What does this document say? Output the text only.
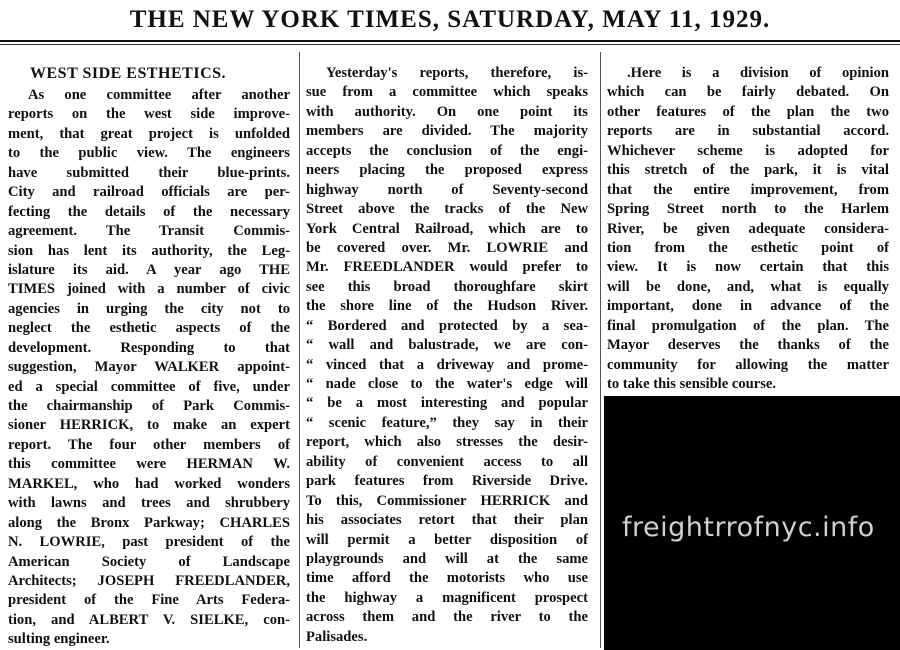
THE NEW YORK TIMES, SATURDAY, MAY 11, 1929.
WEST SIDE ESTHETICS.
As one committee after another
reports on the west side improve-
ment, that great project is unfolded
to the public view. The engineers
have submitted their blue-prints.
City and railroad officials are per-
fecting the details of the necessary
agreement. The Transit Commis-
sion has lent its authority, the Leg-
islature its aid. A year ago THE
TIMES joined with a number of civic
agencies in urging the city not to
neglect the esthetic aspects of the
development. Responding to that
suggestion, Mayor WALKER appoint-
ed a special committee of five, under
the chairmanship of Park Commis-
sioner HERRICK, to make an expert
report. The four other members of
this committee were HERMAN W.
MARKEL, who had worked wonders
with lawns and trees and shrubbery
along the Bronx Parkway; CHARLES
N. LOWRIE, past president of the
American Society of Landscape
Architects; JOSEPH FREEDLANDER,
president of the Fine Arts Federa-
tion, and ALBERT V. SIELKE, con-
sulting engineer.
Yesterday's reports, therefore, is-
sue from a committee which speaks
with authority. On one point its
members are divided. The majority
accepts the conclusion of the engi-
neers placing the proposed express
highway north of Seventy-second
Street above the tracks of the New
York Central Railroad, which are to
be covered over. Mr. LOWRIE and
Mr. FREEDLANDER would prefer to
see this broad thoroughfare skirt
the shore line of the Hudson River.
“ Bordered and protected by a sea-
“ wall and balustrade, we are con-
“ vinced that a driveway and prome-
“ nade close to the water's edge will
“ be a most interesting and popular
“ scenic feature,” they say in their
report, which also stresses the desir-
ability of convenient access to all
park features from Riverside Drive.
To this, Commissioner HERRICK and
his associates retort that their plan
will permit a better disposition of
playgrounds and will at the same
time afford the motorists who use
the highway a magnificent prospect
across them and the river to the
Palisades.
.Here is a division of opinion
which can be fairly debated. On
other features of the plan the two
reports are in substantial accord.
Whichever scheme is adopted for
this stretch of the park, it is vital
that the entire improvement, from
Spring Street north to the Harlem
River, be given adequate considera-
tion from the esthetic point of
view. It is now certain that this
will be done, and, what is equally
important, done in advance of the
final promulgation of the plan. The
Mayor deserves the thanks of the
community for allowing the matter
to take this sensible course.
freightrrofnyc.info
